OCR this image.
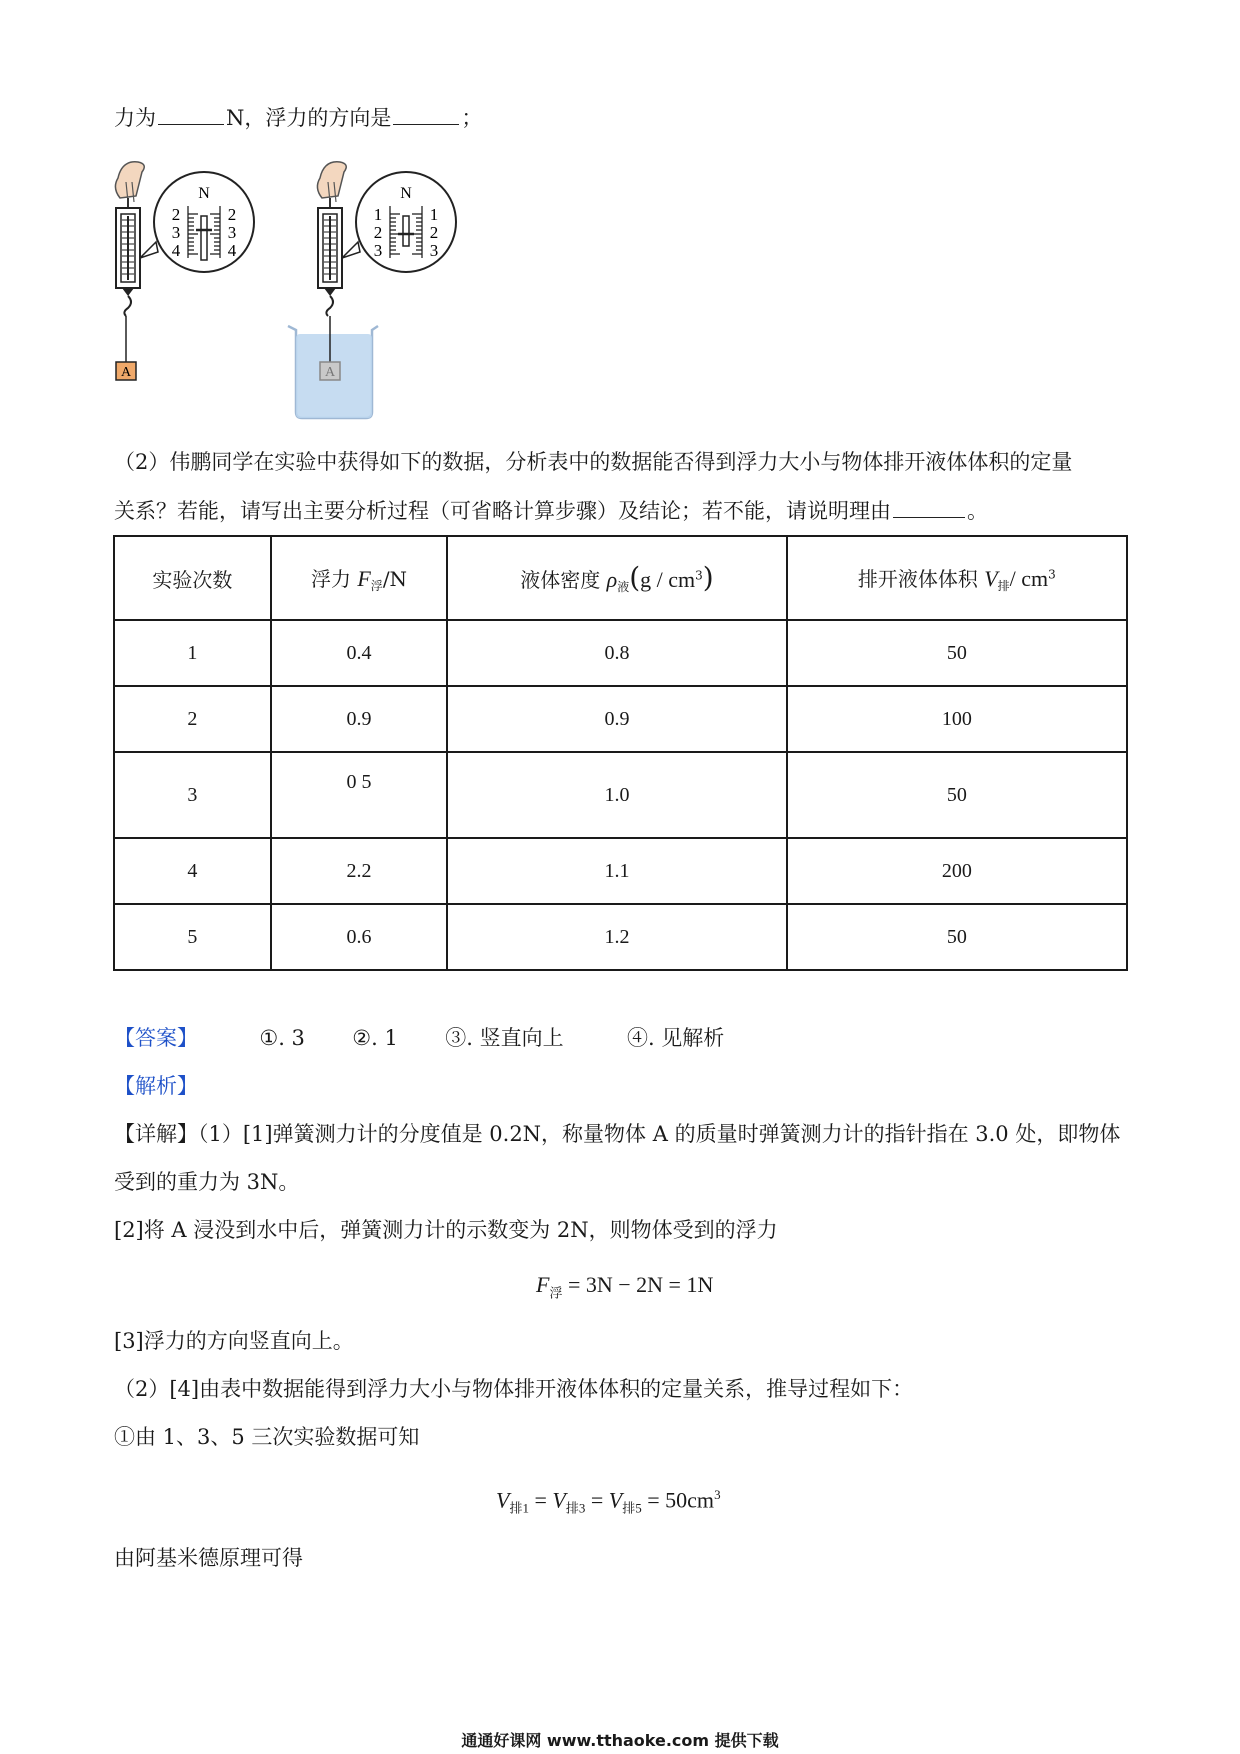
力为	N，浮力的方向是	；
A
N
2
3
4
2
3
4
A
N
1
2
3
1
2
3
（2）伟鹏同学在实验中获得如下的数据，分析表中的数据能否得到浮力大小与物体排开液体体积的定量
关系？若能，请写出主要分析过程（可省略计算步骤）及结论；若不能，请说明理由	。
实验次数	浮力 $F_浮/N$	液体密度 $\rho_液(g / cm^3)$	排开液体体积 $V_排/$ $cm^3$
1	0.4	0.8	50
2	0.9	0.9	100
3	0 5	1.0	50
4	2.2	1.1	200
5	0.6	1.2	50
【答案】	①. 3 ②. 1 ③. 竖直向上	④. 见解析
【解析】
【详解】（1）[1]弹簧测力计的分度值是 0.2N，称量物体 A 的质量时弹簧测力计的指针指在 3.0 处，即物体
受到的重力为 3N。
[2]将 A 浸没到水中后，弹簧测力计的示数变为 2N，则物体受到的浮力
$F_浮 = 3N - 2N = 1N$
[3]浮力的方向竖直向上。
（2）[4]由表中数据能得到浮力大小与物体排开液体体积的定量关系，推导过程如下：
①由 1、3、5 三次实验数据可知
$V_{排1} = V_{排3} = V_{排5} = 50cm^3$
由阿基米德原理可得
通通好课网 www.tthaoke.com 提供下载
